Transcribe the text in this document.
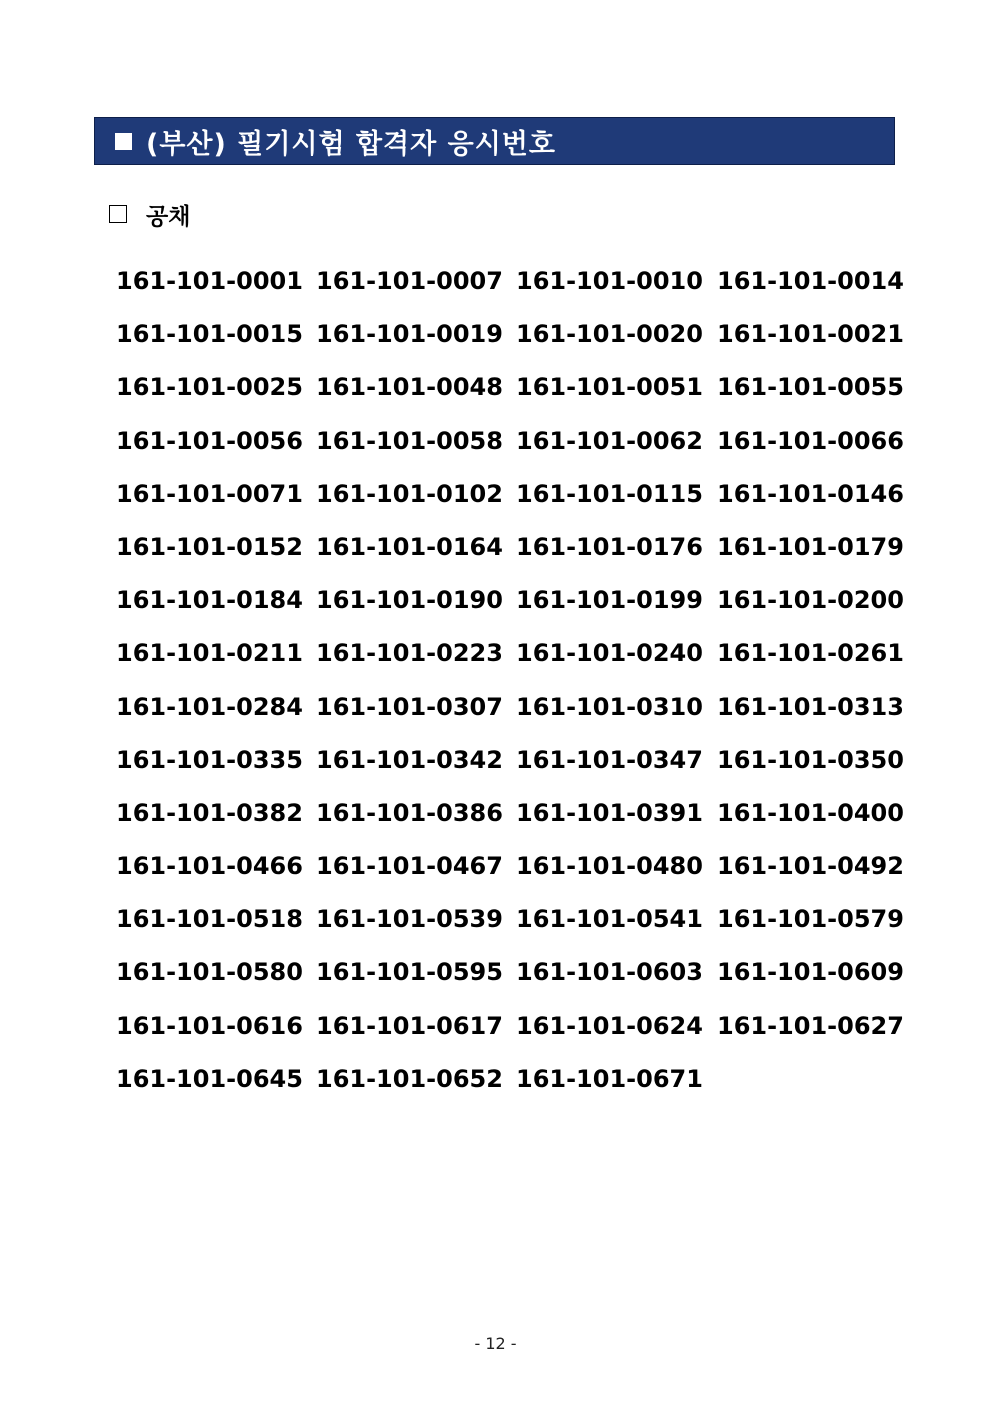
(부산) 필기시험 합격자 응시번호
공채
161-101-0001 161-101-0007 161-101-0010 161-101-0014
161-101-0015 161-101-0019 161-101-0020 161-101-0021
161-101-0025 161-101-0048 161-101-0051 161-101-0055
161-101-0056 161-101-0058 161-101-0062 161-101-0066
161-101-0071 161-101-0102 161-101-0115 161-101-0146
161-101-0152 161-101-0164 161-101-0176 161-101-0179
161-101-0184 161-101-0190 161-101-0199 161-101-0200
161-101-0211 161-101-0223 161-101-0240 161-101-0261
161-101-0284 161-101-0307 161-101-0310 161-101-0313
161-101-0335 161-101-0342 161-101-0347 161-101-0350
161-101-0382 161-101-0386 161-101-0391 161-101-0400
161-101-0466 161-101-0467 161-101-0480 161-101-0492
161-101-0518 161-101-0539 161-101-0541 161-101-0579
161-101-0580 161-101-0595 161-101-0603 161-101-0609
161-101-0616 161-101-0617 161-101-0624 161-101-0627
161-101-0645 161-101-0652 161-101-0671
- 12 -
